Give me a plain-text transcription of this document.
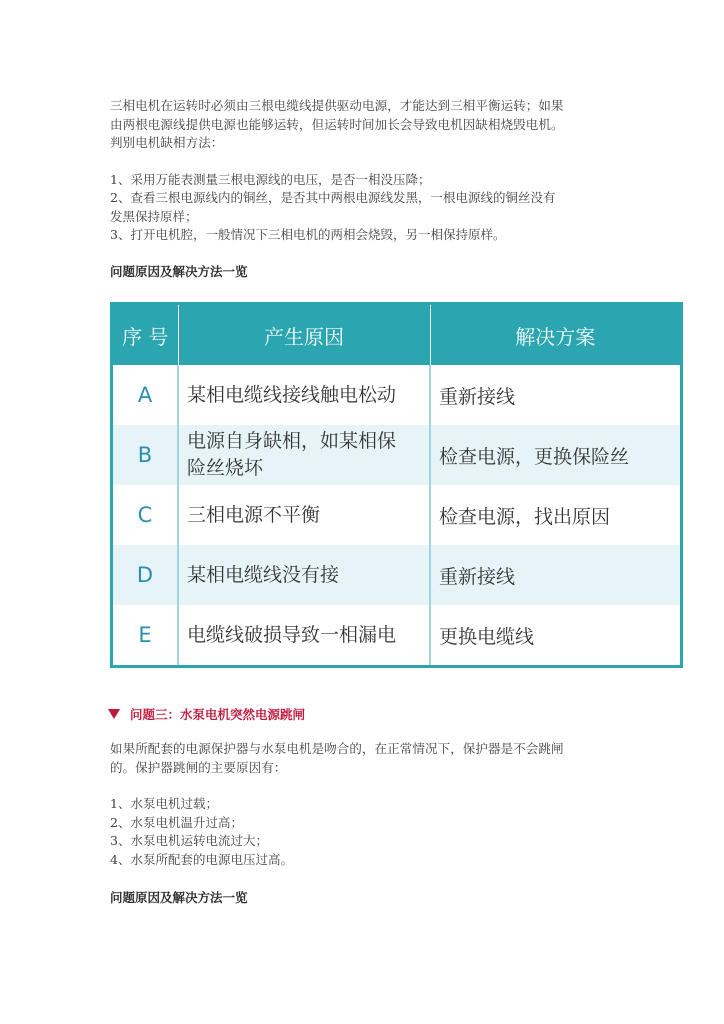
三相电机在运转时必须由三根电缆线提供驱动电源，才能达到三相平衡运转；如果

由两根电源线提供电源也能够运转，但运转时间加长会导致电机因缺相烧毁电机。

判别电机缺相方法：

1、采用万能表测量三根电源线的电压，是否一相没压降；
2、查看三根电源线内的铜丝，是否其中两根电源线发黑，一根电源线的铜丝没有
发黑保持原样；
3、打开电机腔，一般情况下三相电机的两相会烧毁，另一相保持原样。

问题原因及解决方法一览

序 号	产生原因	解决方案
A	某相电缆线接线触电松动	重新接线
B	电源自身缺相，如某相保
险丝烧坏	检查电源，更换保险丝
C	三相电源不平衡	检查电源，找出原因
D	某相电缆线没有接	重新接线
E	电缆线破损导致一相漏电	更换电缆线
问题三：水泵电机突然电源跳闸

如果所配套的电源保护器与水泵电机是吻合的，在正常情况下，保护器是不会跳闸

的。保护器跳闸的主要原因有：

1、水泵电机过载；
2、水泵电机温升过高；
3、水泵电机运转电流过大；
4、水泵所配套的电源电压过高。

问题原因及解决方法一览
